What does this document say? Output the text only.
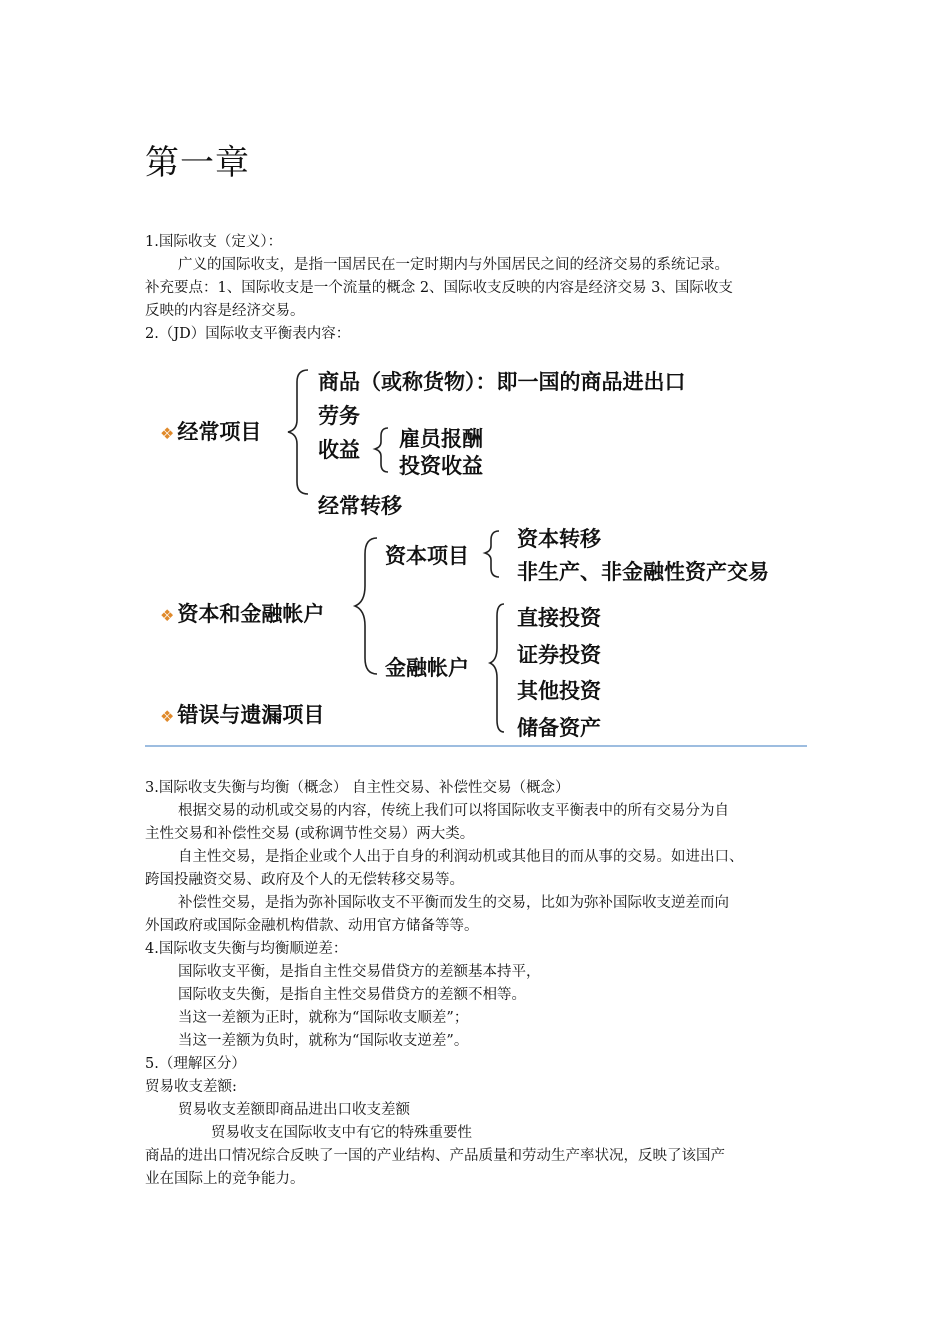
第一章

1.国际收支（定义）：

广义的国际收支，是指一国居民在一定时期内与外国居民之间的经济交易的系统记录。

补充要点：1、国际收支是一个流量的概念 2、国际收支反映的内容是经济交易 3、国际收支

反映的内容是经济交易。

2.（JD）国际收支平衡表内容：

❖ 经常项目
商品（或称货物）：即一国的商品进出口
劳务
收益 雇员报酬
投资收益
经常转移
❖ 资本和金融帐户
资本项目
资本转移
非生产、非金融性资产交易
金融帐户
直接投资
证券投资
其他投资
储备资产
❖ 错误与遗漏项目

3.国际收支失衡与均衡（概念） 自主性交易、补偿性交易（概念）

根据交易的动机或交易的内容，传统上我们可以将国际收支平衡表中的所有交易分为自

主性交易和补偿性交易 (或称调节性交易）两大类。

自主性交易，是指企业或个人出于自身的利润动机或其他目的而从事的交易。如进出口、

跨国投融资交易、政府及个人的无偿转移交易等。

补偿性交易，是指为弥补国际收支不平衡而发生的交易，比如为弥补国际收支逆差而向

外国政府或国际金融机构借款、动用官方储备等等。

4.国际收支失衡与均衡顺逆差：

国际收支平衡，是指自主性交易借贷方的差额基本持平，

国际收支失衡，是指自主性交易借贷方的差额不相等。

当这一差额为正时，就称为“国际收支顺差”；

当这一差额为负时，就称为“国际收支逆差”。

5.（理解区分）

贸易收支差额:

贸易收支差额即商品进出口收支差额

贸易收支在国际收支中有它的特殊重要性

商品的进出口情况综合反映了一国的产业结构、产品质量和劳动生产率状况，反映了该国产

业在国际上的竞争能力。
